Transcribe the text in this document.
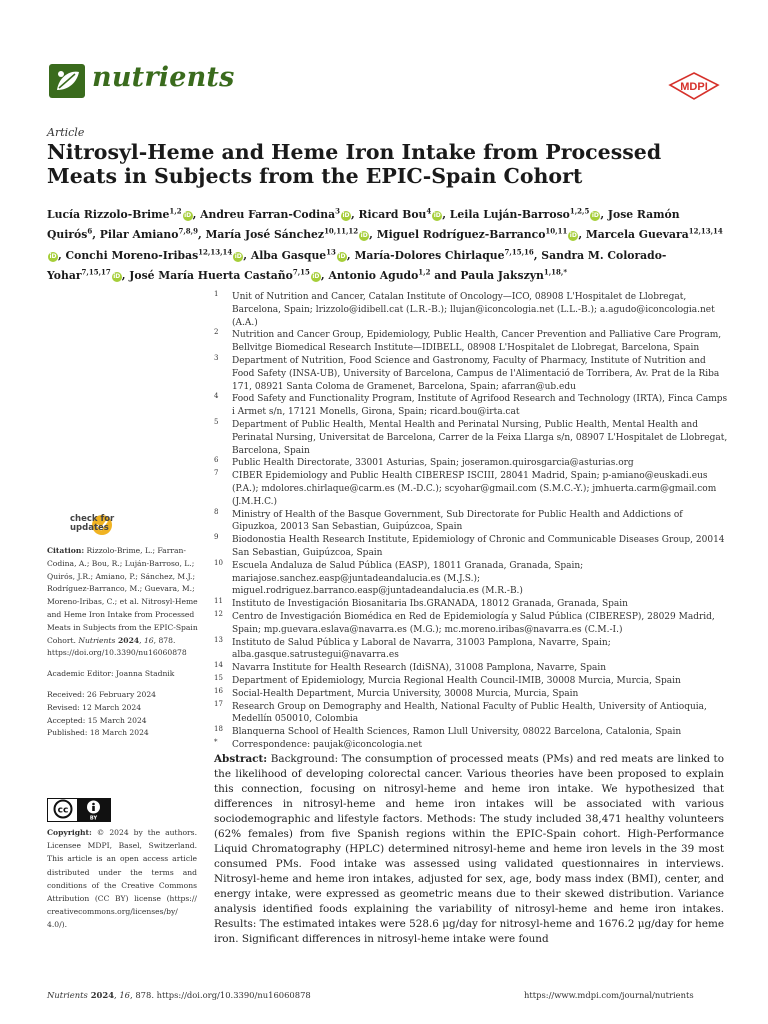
nutrients	MDPI
Article
Nitrosyl-Heme and Heme Iron Intake from Processed Meats in Subjects from the EPIC-Spain Cohort
Lucía Rizzolo-Brime$^{1,2}$iD, Andreu Farran-Codina$^3$iD, Ricard Bou$^4$iD, Leila Luján-Barroso$^{1,2,5}$iD, Jose Ramón Quirós$^6$, Pilar Amiano$^{7,8,9}$, María José Sánchez$^{10,11,12}$iD, Miguel Rodríguez-Barranco$^{10,11}$iD, Marcela Guevara$^{12,13,14}$iD, Conchi Moreno-Iribas$^{12,13,14}$iD, Alba Gasque$^{13}$iD, María-Dolores Chirlaque$^{7,15,16}$, Sandra M. Colorado-Yohar$^{7,15,17}$iD, José María Huerta Castaño$^{7,15}$iD, Antonio Agudo$^{1,2}$ and Paula Jakszyn$^{1,18,*}$
1 Unit of Nutrition and Cancer, Catalan Institute of Oncology—ICO, 08908 L'Hospitalet de Llobregat, Barcelona, Spain; lrizzolo@idibell.cat (L.R.-B.); llujan@iconcologia.net (L.L.-B.); a.agudo@iconcologia.net (A.A.)
2 Nutrition and Cancer Group, Epidemiology, Public Health, Cancer Prevention and Palliative Care Program, Bellvitge Biomedical Research Institute—IDIBELL, 08908 L'Hospitalet de Llobregat, Barcelona, Spain
3 Department of Nutrition, Food Science and Gastronomy, Faculty of Pharmacy, Institute of Nutrition and Food Safety (INSA-UB), University of Barcelona, Campus de l'Alimentació de Torribera, Av. Prat de la Riba 171, 08921 Santa Coloma de Gramenet, Barcelona, Spain; afarran@ub.edu
4 Food Safety and Functionality Program, Institute of Agrifood Research and Technology (IRTA), Finca Camps i Armet s/n, 17121 Monells, Girona, Spain; ricard.bou@irta.cat
5 Department of Public Health, Mental Health and Perinatal Nursing, Public Health, Mental Health and Perinatal Nursing, Universitat de Barcelona, Carrer de la Feixa Llarga s/n, 08907 L'Hospitalet de Llobregat, Barcelona, Spain
6 Public Health Directorate, 33001 Asturias, Spain; joseramon.quirosgarcia@asturias.org
7 CIBER Epidemiology and Public Health CIBERESP ISCIII, 28041 Madrid, Spain; p-amiano@euskadi.eus (P.A.); mdolores.chirlaque@carm.es (M.-D.C.); scyohar@gmail.com (S.M.C.-Y.); jmhuerta.carm@gmail.com (J.M.H.C.)
8 Ministry of Health of the Basque Government, Sub Directorate for Public Health and Addictions of Gipuzkoa, 20013 San Sebastian, Guipúzcoa, Spain
9 Biodonostia Health Research Institute, Epidemiology of Chronic and Communicable Diseases Group, 20014 San Sebastian, Guipúzcoa, Spain
10 Escuela Andaluza de Salud Pública (EASP), 18011 Granada, Granada, Spain; mariajose.sanchez.easp@juntadeandalucia.es (M.J.S.); miguel.rodriguez.barranco.easp@juntadeandalucia.es (M.R.-B.)
11 Instituto de Investigación Biosanitaria Ibs.GRANADA, 18012 Granada, Granada, Spain
12 Centro de Investigación Biomédica en Red de Epidemiología y Salud Pública (CIBERESP), 28029 Madrid, Spain; mp.guevara.eslava@navarra.es (M.G.); mc.moreno.iribas@navarra.es (C.M.-I.)
13 Instituto de Salud Pública y Laboral de Navarra, 31003 Pamplona, Navarre, Spain; alba.gasque.satrustegui@navarra.es
14 Navarra Institute for Health Research (IdiSNA), 31008 Pamplona, Navarre, Spain
15 Department of Epidemiology, Murcia Regional Health Council-IMIB, 30008 Murcia, Murcia, Spain
16 Social-Health Department, Murcia University, 30008 Murcia, Murcia, Spain
17 Research Group on Demography and Health, National Faculty of Public Health, University of Antioquia, Medellín 050010, Colombia
18 Blanquerna School of Health Sciences, Ramon Llull University, 08022 Barcelona, Catalonia, Spain
* Correspondence: paujak@iconcologia.net
check for
updates
Citation: Rizzolo-Brime, L.; Farran-Codina, A.; Bou, R.; Luján-Barroso, L.; Quirós, J.R.; Amiano, P.; Sánchez, M.J.; Rodríguez-Barranco, M.; Guevara, M.; Moreno-Iribas, C.; et al. Nitrosyl-Heme and Heme Iron Intake from Processed Meats in Subjects from the EPIC-Spain Cohort. Nutrients 2024, 16, 878. https://doi.org/10.3390/nu16060878
Academic Editor: Joanna Stadnik
Received: 26 February 2024
Revised: 12 March 2024
Accepted: 15 March 2024
Published: 18 March 2024
cc
BY
Copyright: © 2024 by the authors. Licensee MDPI, Basel, Switzerland. This article is an open access article distributed under the terms and conditions of the Creative Commons Attribution (CC BY) license (https:// creativecommons.org/licenses/by/ 4.0/).

Abstract: Background: The consumption of processed meats (PMs) and red meats are linked to the likelihood of developing colorectal cancer. Various theories have been proposed to explain this connection, focusing on nitrosyl-heme and heme iron intake. We hypothesized that differences in nitrosyl-heme and heme iron intakes will be associated with various sociodemographic and lifestyle factors. Methods: The study included 38,471 healthy volunteers (62% females) from five Spanish regions within the EPIC-Spain cohort. High-Performance Liquid Chromatography (HPLC) determined nitrosyl-heme and heme iron levels in the 39 most consumed PMs. Food intake was assessed using validated questionnaires in interviews. Nitrosyl-heme and heme iron intakes, adjusted for sex, age, body mass index (BMI), center, and energy intake, were expressed as geometric means due to their skewed distribution. Variance analysis identified foods explaining the variability of nitrosyl-heme and heme iron intakes. Results: The estimated intakes were 528.6 μg/day for nitrosyl-heme and 1676.2 μg/day for heme iron. Significant differences in nitrosyl-heme intake were found

Nutrients 2024, 16, 878. https://doi.org/10.3390/nu16060878	https://www.mdpi.com/journal/nutrients
